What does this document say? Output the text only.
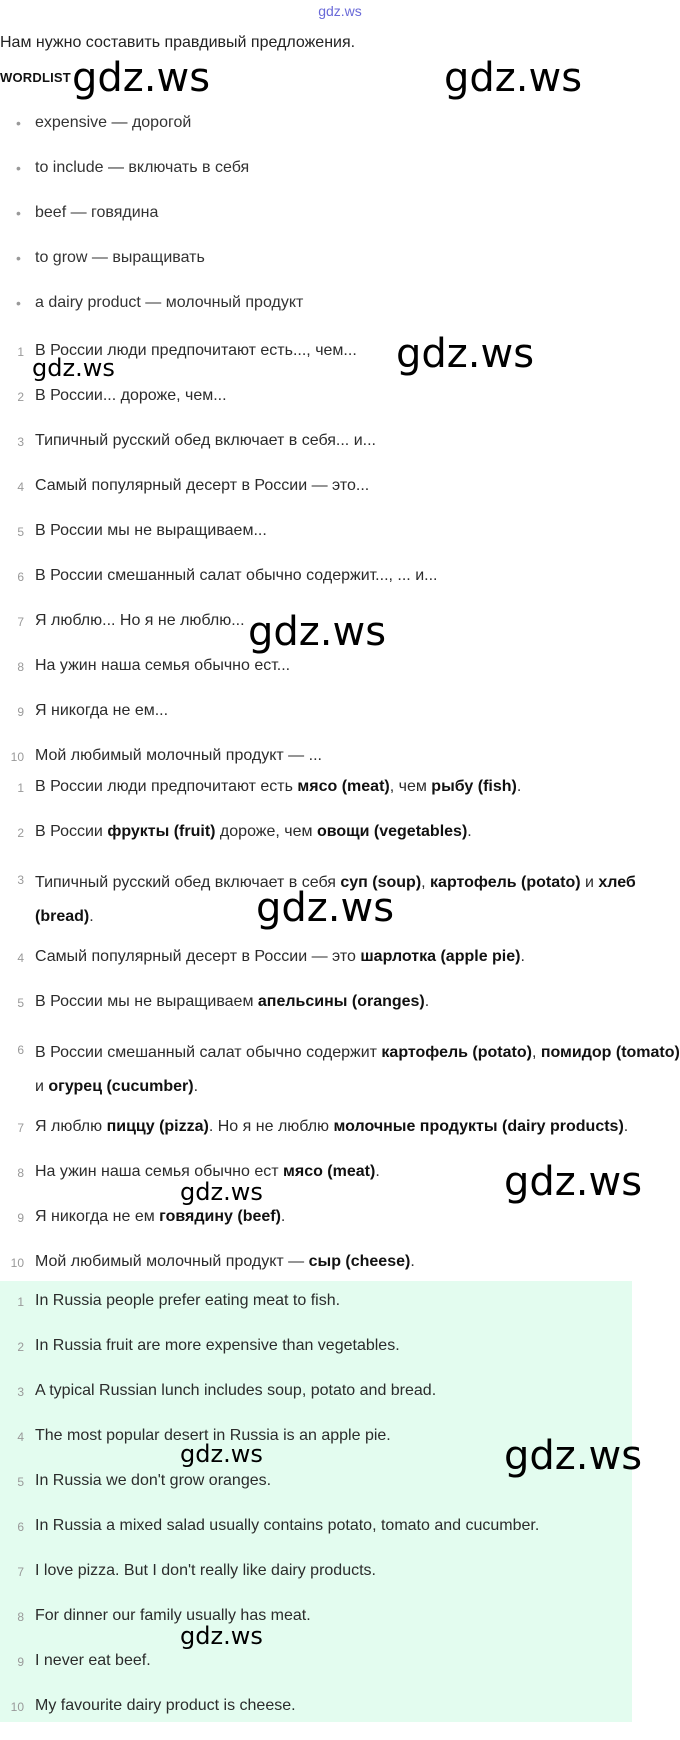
gdz.ws
Нам нужно составить правдивый предложения.
WORDLIST
• expensive — дорогой
• to include — включать в себя
• beef — говядина
• to grow — выращивать
• a dairy product — молочный продукт
1 В России люди предпочитают есть..., чем...
2 В России... дороже, чем...
3 Типичный русский обед включает в себя... и...
4 Самый популярный десерт в России — это...
5 В России мы не выращиваем...
6 В России смешанный салат обычно содержит..., ... и...
7 Я люблю... Но я не люблю...
8 На ужин наша семья обычно ест...
9 Я никогда не ем...
10 Мой любимый молочный продукт — ...
1 В России люди предпочитают есть мясо (meat), чем рыбу (fish).
2 В России фрукты (fruit) дороже, чем овощи (vegetables).
3 Типичный русский обед включает в себя суп (soup), картофель (potato) и хлеб (bread).
4 Самый популярный десерт в России — это шарлотка (apple pie).
5 В России мы не выращиваем апельсины (oranges).
6 В России смешанный салат обычно содержит картофель (potato), помидор (tomato) и огурец (cucumber).
7 Я люблю пиццу (pizza). Но я не люблю молочные продукты (dairy products).
8 На ужин наша семья обычно ест мясо (meat).
9 Я никогда не ем говядину (beef).
10 Мой любимый молочный продукт — сыр (cheese).
1 In Russia people prefer eating meat to fish.
2 In Russia fruit are more expensive than vegetables.
3 A typical Russian lunch includes soup, potato and bread.
4 The most popular desert in Russia is an apple pie.
5 In Russia we don't grow oranges.
6 In Russia a mixed salad usually contains potato, tomato and cucumber.
7 I love pizza. But I don't really like dairy products.
8 For dinner our family usually has meat.
9 I never eat beef.
10 My favourite dairy product is cheese.
gdz.ws	gdz.ws
gdz.ws	gdz.ws
gdz.ws
gdz.ws
gdz.ws	gdz.ws
gdz.ws	gdz.ws
gdz.ws
